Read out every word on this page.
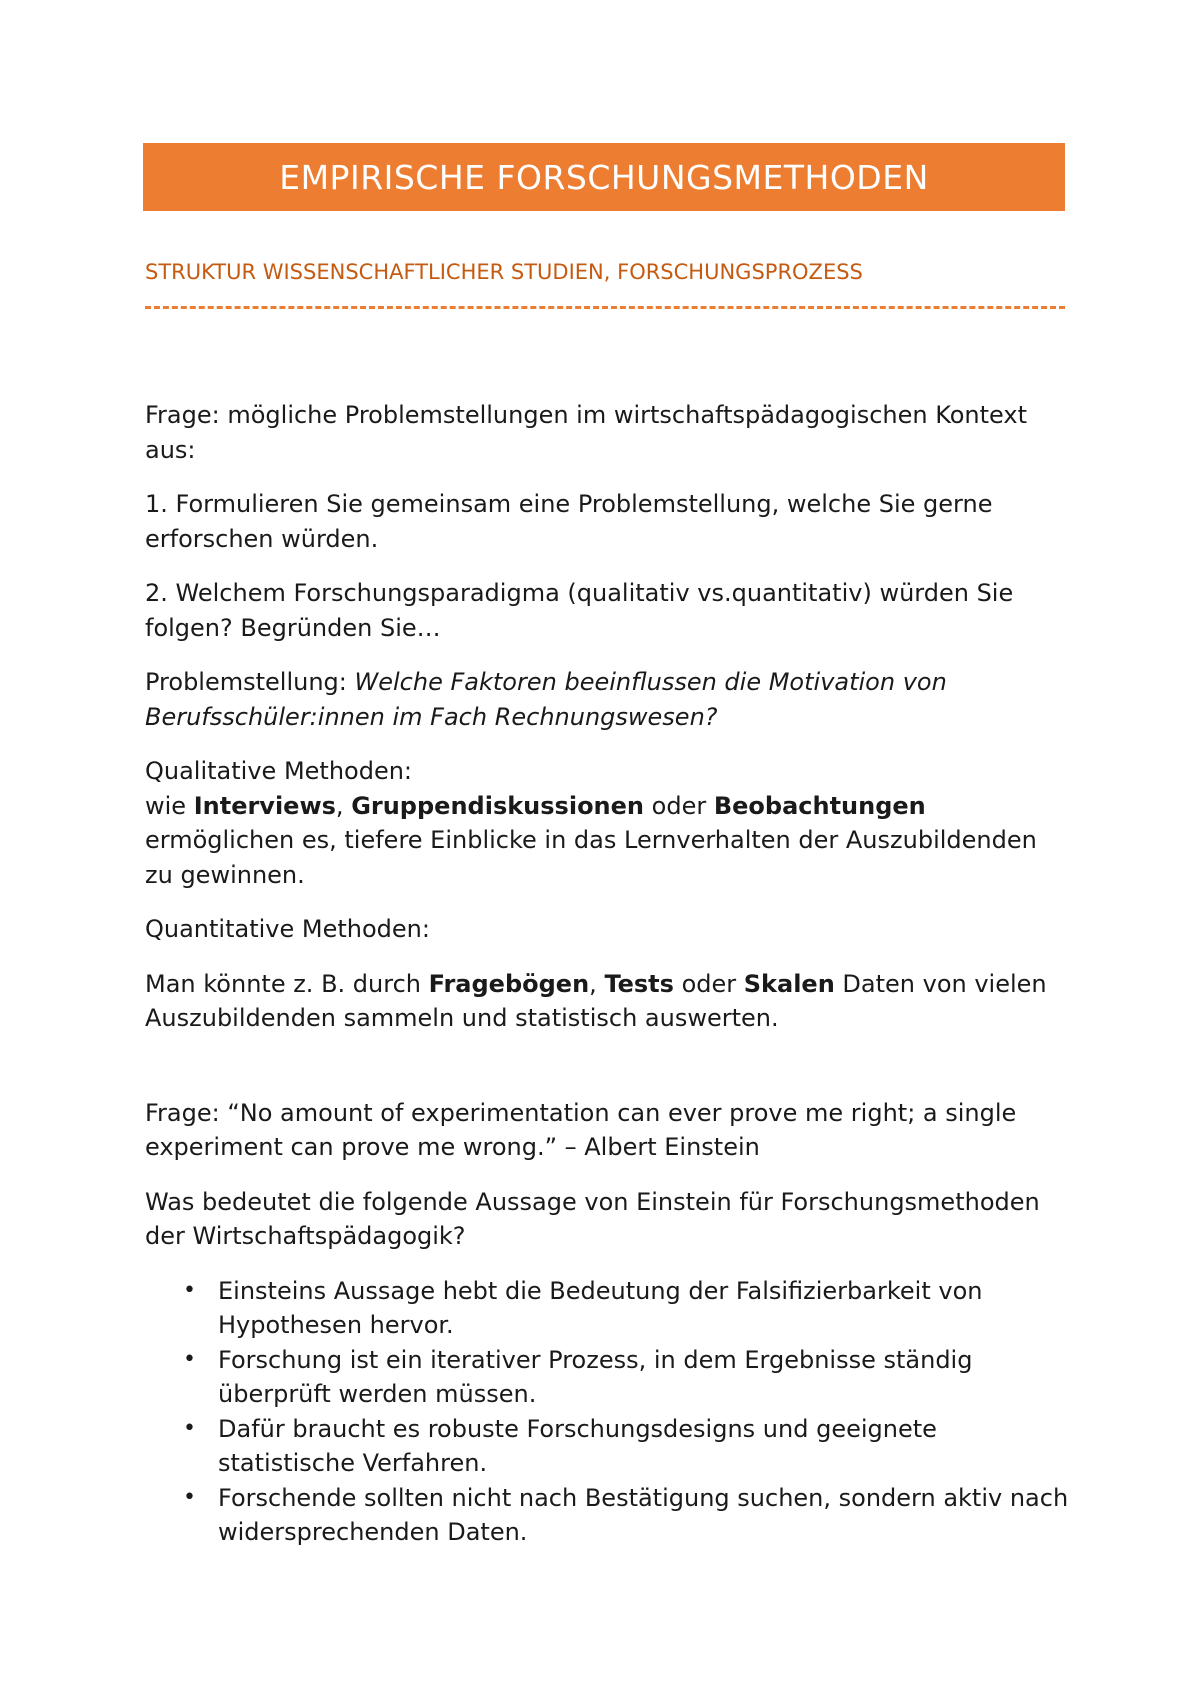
EMPIRISCHE FORSCHUNGSMETHODEN
STRUKTUR WISSENSCHAFTLICHER STUDIEN, FORSCHUNGSPROZESS

Frage: mögliche Problemstellungen im wirtschaftspädagogischen Kontext aus:

1. Formulieren Sie gemeinsam eine Problemstellung, welche Sie gerne erforschen würden.

2. Welchem Forschungsparadigma (qualitativ vs.quantitativ) würden Sie folgen? Begründen Sie…

Problemstellung: Welche Faktoren beeinflussen die Motivation von Berufsschüler:innen im Fach Rechnungswesen?

Qualitative Methoden:
wie Interviews, Gruppendiskussionen oder Beobachtungen ermöglichen es, tiefere Einblicke in das Lernverhalten der Auszubildenden zu gewinnen.

Quantitative Methoden:

Man könnte z. B. durch Fragebögen, Tests oder Skalen Daten von vielen Auszubildenden sammeln und statistisch auswerten.

Frage: “No amount of experimentation can ever prove me right; a single experiment can prove me wrong.” – Albert Einstein

Was bedeutet die folgende Aussage von Einstein für Forschungsmethoden der Wirtschaftspädagogik?

• Einsteins Aussage hebt die Bedeutung der Falsifizierbarkeit von Hypothesen hervor.
• Forschung ist ein iterativer Prozess, in dem Ergebnisse ständig überprüft werden müssen.
• Dafür braucht es robuste Forschungsdesigns und geeignete statistische Verfahren.
• Forschende sollten nicht nach Bestätigung suchen, sondern aktiv nach widersprechenden Daten.
